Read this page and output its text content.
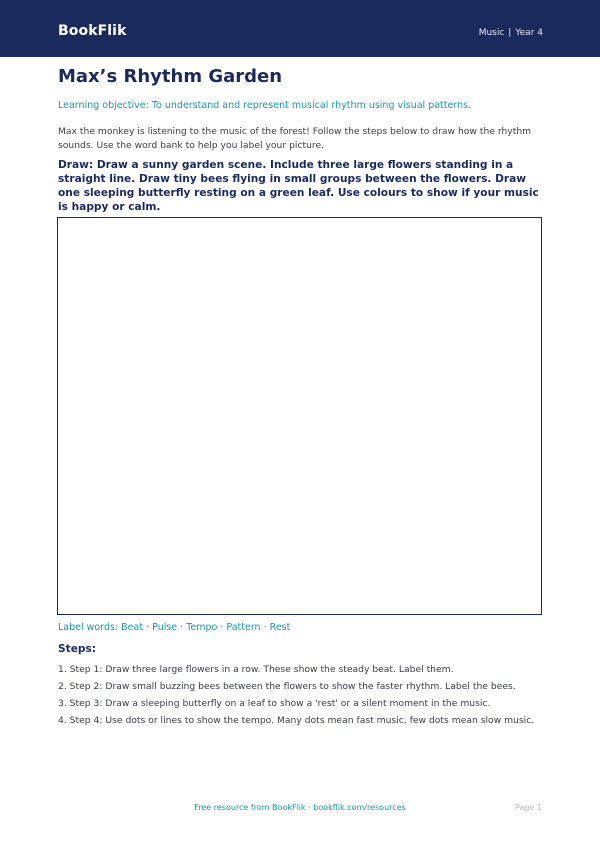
BookFlik	Music | Year 4
Max’s Rhythm Garden
Learning objective: To understand and represent musical rhythm using visual patterns.
Max the monkey is listening to the music of the forest! Follow the steps below to draw how the rhythm sounds. Use the word bank to help you label your picture.
Draw: Draw a sunny garden scene. Include three large flowers standing in a straight line. Draw tiny bees flying in small groups between the flowers. Draw one sleeping butterfly resting on a green leaf. Use colours to show if your music is happy or calm.
Label words: Beat · Pulse · Tempo · Pattern · Rest
Steps:
1. Step 1: Draw three large flowers in a row. These show the steady beat. Label them.
2. Step 2: Draw small buzzing bees between the flowers to show the faster rhythm. Label the bees.
3. Step 3: Draw a sleeping butterfly on a leaf to show a 'rest' or a silent moment in the music.
4. Step 4: Use dots or lines to show the tempo. Many dots mean fast music, few dots mean slow music.
Free resource from BookFlik · bookflik.com/resources	Page 1
